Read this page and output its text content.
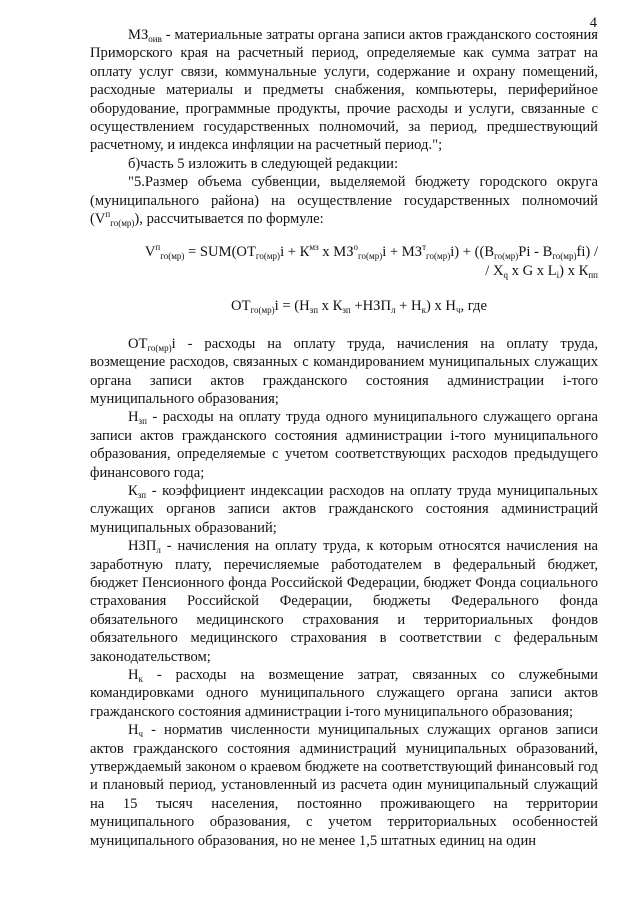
4

$МЗ_{оив}$ - материальные затраты органа записи актов гражданского состояния Приморского края на расчетный период, определяемые как сумма затрат на оплату услуг связи, коммунальные услуги, содержание и охрану помещений, расходные материалы и предметы снабжения, компьютеры, периферийное оборудование, программные продукты, прочие расходы и услуги, связанные с осуществлением государственных полномочий, за период, предшествующий расчетному, и индекса инфляции на расчетный период.";

б)часть 5 изложить в следующей редакции:

"5.Размер объема субвенции, выделяемой бюджету городского округа (муниципального района) на осуществление государственных полномочий $(V^п_{го(мр)})$, рассчитывается по формуле:

$V^п_{го(мр)} = SUM(ОТ_{го(мр)}i + К^{мз}$ x $МЗ^о_{го(мр)}i + МЗ^т_{го(мр)}i) + ((В_{го(мр)}Pi - В_{го(мр)}fi)$ /
/ $X_q$ x G x $L_i$) x $К_{пп}$

$ОТ_{го(мр)}i = (Н_{зп}$ x $К_{зп} +НЗП_л + Н_к$) x $Н_ч$, где

$ОТ_{го(мр)}i$ - расходы на оплату труда, начисления на оплату труда, возмещение расходов, связанных с командированием муниципальных служащих органа записи актов гражданского состояния администрации i-того муниципального образования;

$Н_{зп}$ - расходы на оплату труда одного муниципального служащего органа записи актов гражданского состояния администрации i-того муниципального образования, определяемые с учетом соответствующих расходов предыдущего финансового года;

$К_{зп}$ - коэффициент индексации расходов на оплату труда муниципальных служащих органов записи актов гражданского состояния администраций муниципальных образований;

$НЗП_л$ - начисления на оплату труда, к которым относятся начисления на заработную плату, перечисляемые работодателем в федеральный бюджет, бюджет Пенсионного фонда Российской Федерации, бюджет Фонда социального страхования Российской Федерации, бюджеты Федерального фонда обязательного медицинского страхования и территориальных фондов обязательного медицинского страхования в соответствии с федеральным законодательством;

$Н_к$ - расходы на возмещение затрат, связанных со служебными командировками одного муниципального служащего органа записи актов гражданского состояния администрации i-того муниципального образования;

$Н_ч$ - норматив численности муниципальных служащих органов записи актов гражданского состояния администраций муниципальных образований, утверждаемый законом о краевом бюджете на соответствующий финансовый год и плановый период, установленный из расчета один муниципальный служащий на 15 тысяч населения, постоянно проживающего на территории муниципального образования, с учетом территориальных особенностей муниципального образования, но не менее 1,5 штатных единиц на один
